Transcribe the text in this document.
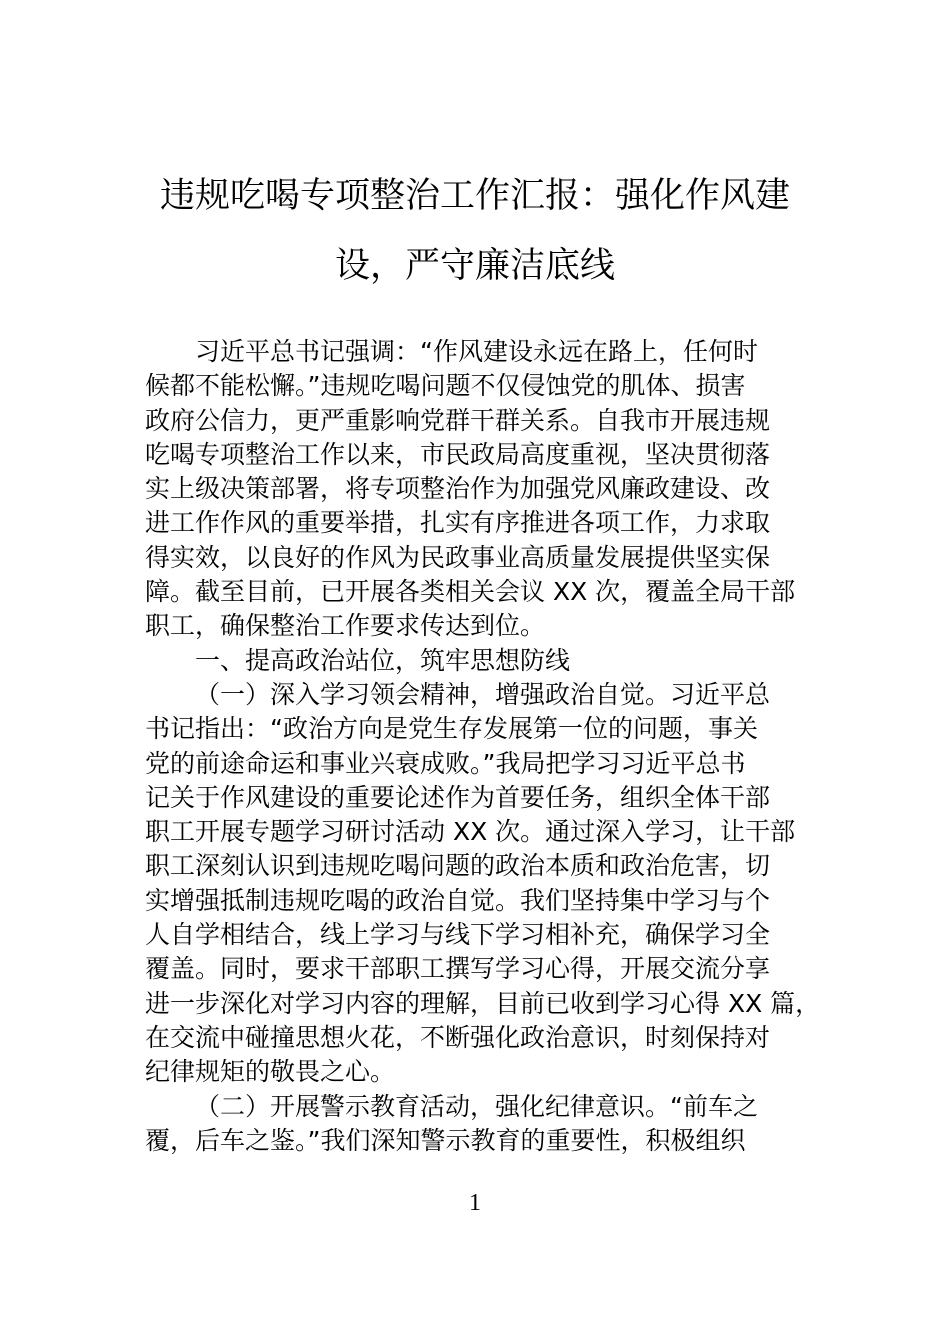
违规吃喝专项整治工作汇报：强化作风建
设，严守廉洁底线
习近平总书记强调：“作风建设永远在路上，任何时
候都不能松懈。”违规吃喝问题不仅侵蚀党的肌体、损害
政府公信力，更严重影响党群干群关系。自我市开展违规
吃喝专项整治工作以来，市民政局高度重视，坚决贯彻落
实上级决策部署，将专项整治作为加强党风廉政建设、改
进工作作风的重要举措，扎实有序推进各项工作，力求取
得实效，以良好的作风为民政事业高质量发展提供坚实保
障。截至目前，已开展各类相关会议 XX 次，覆盖全局干部
职工，确保整治工作要求传达到位。
一、提高政治站位，筑牢思想防线
（一）深入学习领会精神，增强政治自觉。习近平总
书记指出：“政治方向是党生存发展第一位的问题，事关
党的前途命运和事业兴衰成败。”我局把学习习近平总书
记关于作风建设的重要论述作为首要任务，组织全体干部
职工开展专题学习研讨活动 XX 次。通过深入学习，让干部
职工深刻认识到违规吃喝问题的政治本质和政治危害，切
实增强抵制违规吃喝的政治自觉。我们坚持集中学习与个
人自学相结合，线上学习与线下学习相补充，确保学习全
覆盖。同时，要求干部职工撰写学习心得，开展交流分享
进一步深化对学习内容的理解，目前已收到学习心得 XX 篇，
在交流中碰撞思想火花，不断强化政治意识，时刻保持对
纪律规矩的敬畏之心。
（二）开展警示教育活动，强化纪律意识。“前车之
覆，后车之鉴。”我们深知警示教育的重要性，积极组织
1
